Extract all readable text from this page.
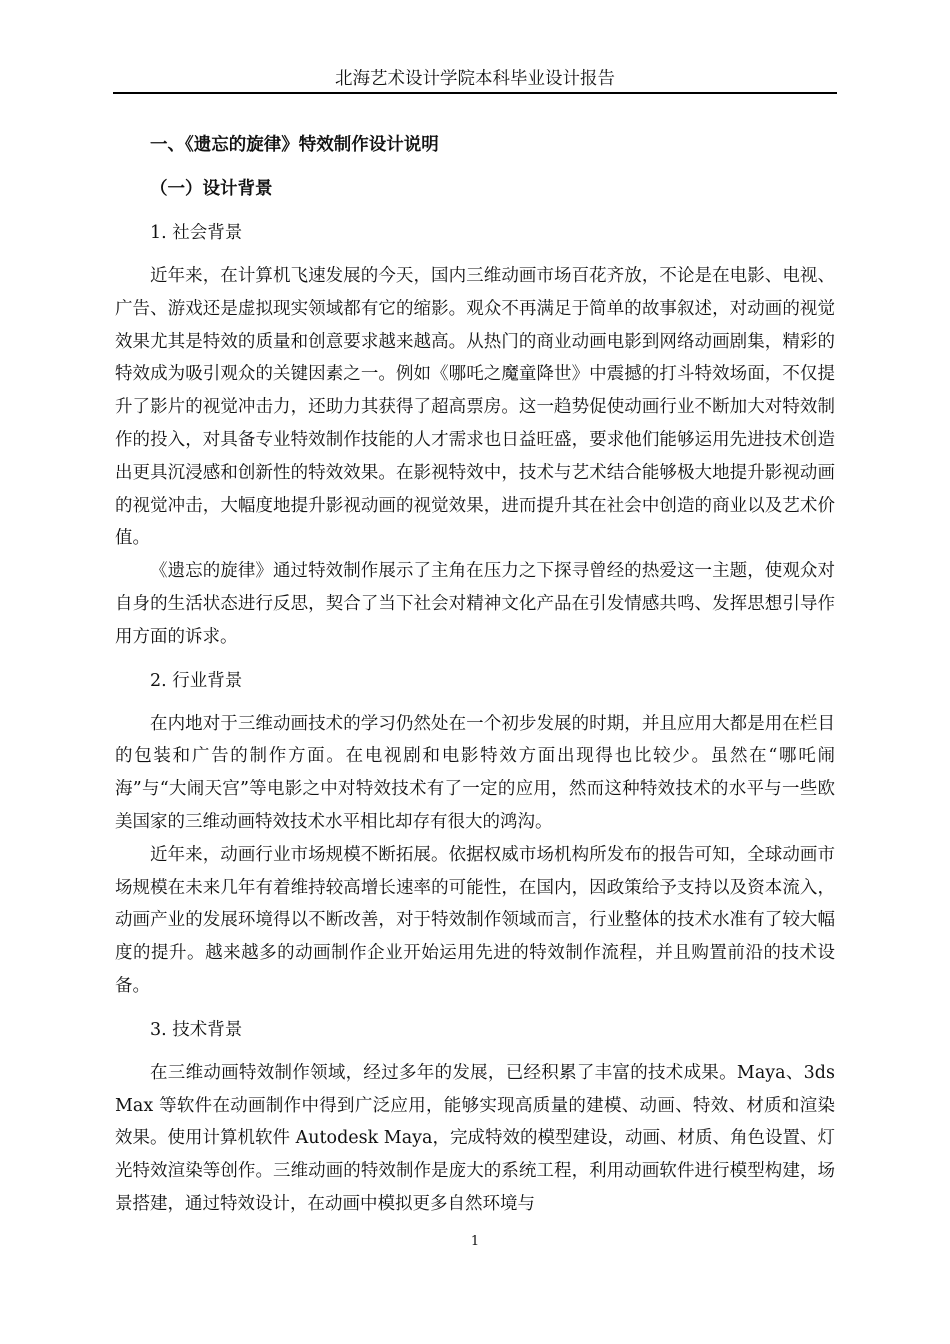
北海艺术设计学院本科毕业设计报告
一、《遗忘的旋律》特效制作设计说明
（一）设计背景
1. 社会背景

近年来，在计算机飞速发展的今天，国内三维动画市场百花齐放，不论是在电影、电视、广告、游戏还是虚拟现实领域都有它的缩影。观众不再满足于简单的故事叙述，对动画的视觉效果尤其是特效的质量和创意要求越来越高。从热门的商业动画电影到网络动画剧集，精彩的特效成为吸引观众的关键因素之一。例如《哪吒之魔童降世》中震撼的打斗特效场面，不仅提升了影片的视觉冲击力，还助力其获得了超高票房。这一趋势促使动画行业不断加大对特效制作的投入，对具备专业特效制作技能的人才需求也日益旺盛，要求他们能够运用先进技术创造出更具沉浸感和创新性的特效效果。在影视特效中，技术与艺术结合能够极大地提升影视动画的视觉冲击，大幅度地提升影视动画的视觉效果，进而提升其在社会中创造的商业以及艺术价值。

《遗忘的旋律》通过特效制作展示了主角在压力之下探寻曾经的热爱这一主题，使观众对自身的生活状态进行反思，契合了当下社会对精神文化产品在引发情感共鸣、发挥思想引导作用方面的诉求。

2. 行业背景

在内地对于三维动画技术的学习仍然处在一个初步发展的时期，并且应用大都是用在栏目的包装和广告的制作方面。在电视剧和电影特效方面出现得也比较少。虽然在“哪吒闹海”与“大闹天宫”等电影之中对特效技术有了一定的应用，然而这种特效技术的水平与一些欧美国家的三维动画特效技术水平相比却存有很大的鸿沟。

近年来，动画行业市场规模不断拓展。依据权威市场机构所发布的报告可知，全球动画市场规模在未来几年有着维持较高增长速率的可能性，在国内，因政策给予支持以及资本流入，动画产业的发展环境得以不断改善，对于特效制作领域而言，行业整体的技术水准有了较大幅度的提升。越来越多的动画制作企业开始运用先进的特效制作流程，并且购置前沿的技术设备。

3. 技术背景

在三维动画特效制作领域，经过多年的发展，已经积累了丰富的技术成果。Maya、3ds Max 等软件在动画制作中得到广泛应用，能够实现高质量的建模、动画、特效、材质和渲染效果。使用计算机软件 Autodesk Maya，完成特效的模型建设，动画、材质、角色设置、灯光特效渲染等创作。三维动画的特效制作是庞大的系统工程，利用动画软件进行模型构建，场景搭建，通过特效设计，在动画中模拟更多自然环境与

1
